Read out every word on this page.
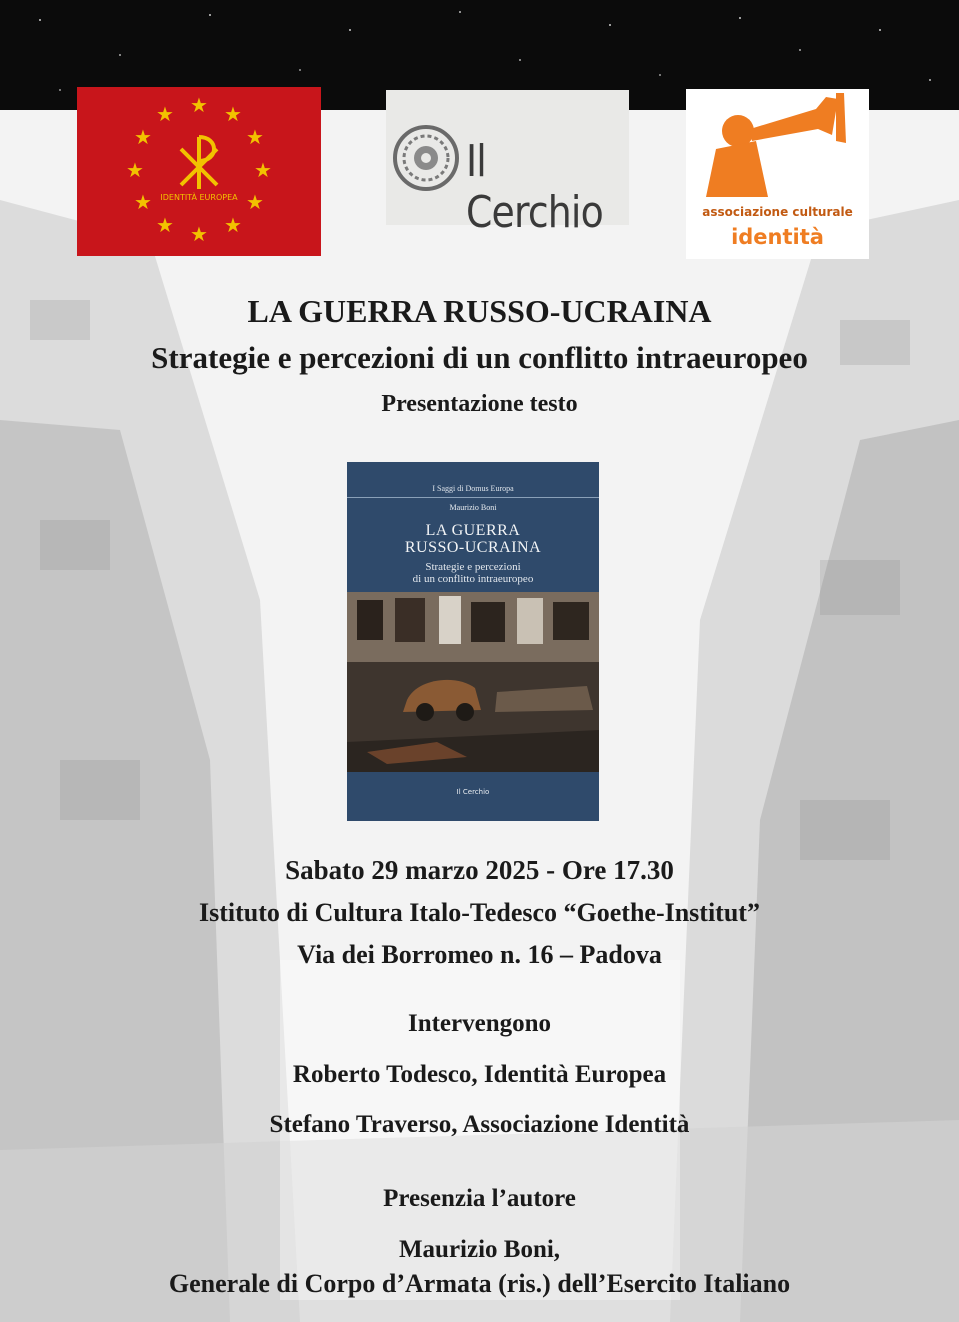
★ ★
★
★
★
★
★
★
★
★
★
★
IDENTITÀ EUROPEA
Il Cerchio	associazione culturale
identità
LA GUERRA RUSSO-UCRAINA
Strategie e percezioni di un conflitto intraeuropeo
Presentazione testo
I Saggi di Domus Europa
Maurizio Boni
LA GUERRA
RUSSO-UCRAINA
Strategie e percezioni
di un conflitto intraeuropeo
Il Cerchio
Sabato 29 marzo 2025 - Ore 17.30
Istituto di Cultura Italo-Tedesco “Goethe-Institut”
Via dei Borromeo n. 16 – Padova
Intervengono
Roberto Todesco, Identità Europea
Stefano Traverso, Associazione Identità
Presenzia l’autore
Maurizio Boni,
Generale di Corpo d’Armata (ris.) dell’Esercito Italiano
